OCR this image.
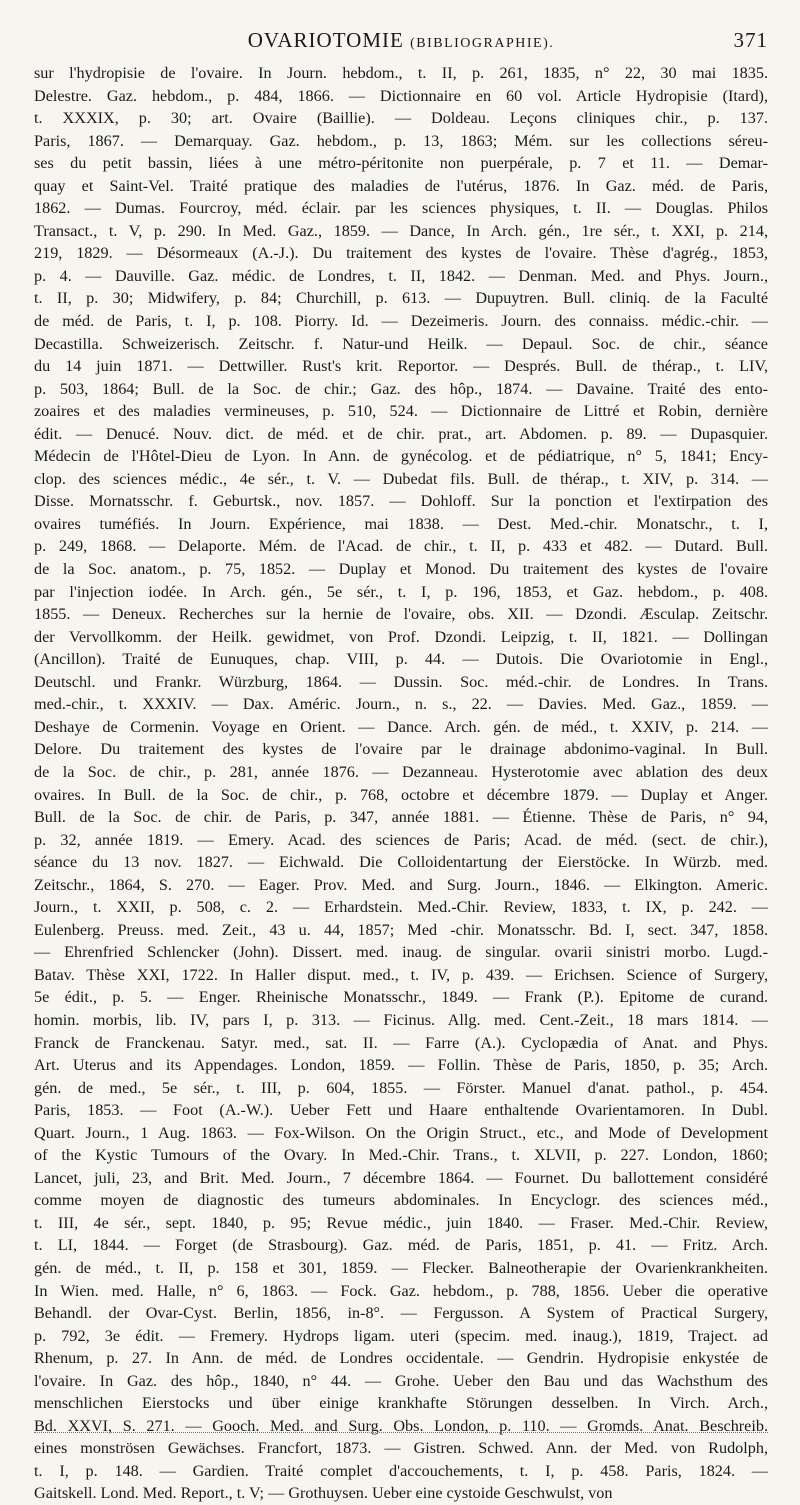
OVARIOTOMIE (BIBLIOGRAPHIE).	371
sur l'hydropisie de l'ovaire. In Journ. hebdom., t. II, p. 261, 1835, n° 22, 30 mai 1835.
Delestre. Gaz. hebdom., p. 484, 1866. — Dictionnaire en 60 vol. Article Hydropisie (Itard),
t. XXXIX, p. 30; art. Ovaire (Baillie). — Doldeau. Leçons cliniques chir., p. 137.
Paris, 1867. — Demarquay. Gaz. hebdom., p. 13, 1863; Mém. sur les collections séreu-
ses du petit bassin, liées à une métro-péritonite non puerpérale, p. 7 et 11. — Demar-
quay et Saint-Vel. Traité pratique des maladies de l'utérus, 1876. In Gaz. méd. de Paris,
1862. — Dumas. Fourcroy, méd. éclair. par les sciences physiques, t. II. — Douglas. Philos
Transact., t. V, p. 290. In Med. Gaz., 1859. — Dance, In Arch. gén., 1re sér., t. XXI, p. 214,
219, 1829. — Désormeaux (A.-J.). Du traitement des kystes de l'ovaire. Thèse d'agrég., 1853,
p. 4. — Dauville. Gaz. médic. de Londres, t. II, 1842. — Denman. Med. and Phys. Journ.,
t. II, p. 30; Midwifery, p. 84; Churchill, p. 613. — Dupuytren. Bull. cliniq. de la Faculté
de méd. de Paris, t. I, p. 108. Piorry. Id. — Dezeimeris. Journ. des connaiss. médic.-chir. —
Decastilla. Schweizerisch. Zeitschr. f. Natur-und Heilk. — Depaul. Soc. de chir., séance
du 14 juin 1871. — Dettwiller. Rust's krit. Reportor. — Després. Bull. de thérap., t. LIV,
p. 503, 1864; Bull. de la Soc. de chir.; Gaz. des hôp., 1874. — Davaine. Traité des ento-
zoaires et des maladies vermineuses, p. 510, 524. — Dictionnaire de Littré et Robin, dernière
édit. — Denucé. Nouv. dict. de méd. et de chir. prat., art. Abdomen. p. 89. — Dupasquier.
Médecin de l'Hôtel-Dieu de Lyon. In Ann. de gynécolog. et de pédiatrique, n° 5, 1841; Ency-
clop. des sciences médic., 4e sér., t. V. — Dubedat fils. Bull. de thérap., t. XIV, p. 314. —
Disse. Mornatsschr. f. Geburtsk., nov. 1857. — Dohloff. Sur la ponction et l'extirpation des
ovaires tuméfiés. In Journ. Expérience, mai 1838. — Dest. Med.-chir. Monatschr., t. I,
p. 249, 1868. — Delaporte. Mém. de l'Acad. de chir., t. II, p. 433 et 482. — Dutard. Bull.
de la Soc. anatom., p. 75, 1852. — Duplay et Monod. Du traitement des kystes de l'ovaire
par l'injection iodée. In Arch. gén., 5e sér., t. I, p. 196, 1853, et Gaz. hebdom., p. 408.
1855. — Deneux. Recherches sur la hernie de l'ovaire, obs. XII. — Dzondi. Æsculap. Zeitschr.
der Vervollkomm. der Heilk. gewidmet, von Prof. Dzondi. Leipzig, t. II, 1821. — Dollingan
(Ancillon). Traité de Eunuques, chap. VIII, p. 44. — Dutois. Die Ovariotomie in Engl.,
Deutschl. und Frankr. Würzburg, 1864. — Dussin. Soc. méd.-chir. de Londres. In Trans.
med.-chir., t. XXXIV. — Dax. Améric. Journ., n. s., 22. — Davies. Med. Gaz., 1859. —
Deshaye de Cormenin. Voyage en Orient. — Dance. Arch. gén. de méd., t. XXIV, p. 214. —
Delore. Du traitement des kystes de l'ovaire par le drainage abdonimo-vaginal. In Bull.
de la Soc. de chir., p. 281, année 1876. — Dezanneau. Hysterotomie avec ablation des deux
ovaires. In Bull. de la Soc. de chir., p. 768, octobre et décembre 1879. — Duplay et Anger.
Bull. de la Soc. de chir. de Paris, p. 347, année 1881. — Étienne. Thèse de Paris, n° 94,
p. 32, année 1819. — Emery. Acad. des sciences de Paris; Acad. de méd. (sect. de chir.),
séance du 13 nov. 1827. — Eichwald. Die Colloidentartung der Eierstöcke. In Würzb. med.
Zeitschr., 1864, S. 270. — Eager. Prov. Med. and Surg. Journ., 1846. — Elkington. Americ.
Journ., t. XXII, p. 508, c. 2. — Erhardstein. Med.-Chir. Review, 1833, t. IX, p. 242. —
Eulenberg. Preuss. med. Zeit., 43 u. 44, 1857; Med -chir. Monatsschr. Bd. I, sect. 347, 1858.
— Ehrenfried Schlencker (John). Dissert. med. inaug. de singular. ovarii sinistri morbo. Lugd.-
Batav. Thèse XXI, 1722. In Haller disput. med., t. IV, p. 439. — Erichsen. Science of Surgery,
5e édit., p. 5. — Enger. Rheinische Monatsschr., 1849. — Frank (P.). Epitome de curand.
homin. morbis, lib. IV, pars I, p. 313. — Ficinus. Allg. med. Cent.-Zeit., 18 mars 1814. —
Franck de Franckenau. Satyr. med., sat. II. — Farre (A.). Cyclopædia of Anat. and Phys.
Art. Uterus and its Appendages. London, 1859. — Follin. Thèse de Paris, 1850, p. 35; Arch.
gén. de med., 5e sér., t. III, p. 604, 1855. — Förster. Manuel d'anat. pathol., p. 454.
Paris, 1853. — Foot (A.-W.). Ueber Fett und Haare enthaltende Ovarientamoren. In Dubl.
Quart. Journ., 1 Aug. 1863. — Fox-Wilson. On the Origin Struct., etc., and Mode of Development
of the Kystic Tumours of the Ovary. In Med.-Chir. Trans., t. XLVII, p. 227. London, 1860;
Lancet, juli, 23, and Brit. Med. Journ., 7 décembre 1864. — Fournet. Du ballottement considéré
comme moyen de diagnostic des tumeurs abdominales. In Encyclogr. des sciences méd.,
t. III, 4e sér., sept. 1840, p. 95; Revue médic., juin 1840. — Fraser. Med.-Chir. Review,
t. LI, 1844. — Forget (de Strasbourg). Gaz. méd. de Paris, 1851, p. 41. — Fritz. Arch.
gén. de méd., t. II, p. 158 et 301, 1859. — Flecker. Balneotherapie der Ovarienkrankheiten.
In Wien. med. Halle, n° 6, 1863. — Fock. Gaz. hebdom., p. 788, 1856. Ueber die operative
Behandl. der Ovar-Cyst. Berlin, 1856, in-8°. — Fergusson. A System of Practical Surgery,
p. 792, 3e édit. — Fremery. Hydrops ligam. uteri (specim. med. inaug.), 1819, Traject. ad
Rhenum, p. 27. In Ann. de méd. de Londres occidentale. — Gendrin. Hydropisie enkystée de
l'ovaire. In Gaz. des hôp., 1840, n° 44. — Grohe. Ueber den Bau und das Wachsthum des
menschlichen Eierstocks und über einige krankhafte Störungen desselben. In Virch. Arch.,
Bd. XXVI, S. 271. — Gooch. Med. and Surg. Obs. London, p. 110. — Gromds. Anat. Beschreib.
eines monströsen Gewächses. Francfort, 1873. — Gistren. Schwed. Ann. der Med. von Rudolph,
t. I, p. 148. — Gardien. Traité complet d'accouchements, t. I, p. 458. Paris, 1824. —
Gaitskell. Lond. Med. Report., t. V; — Grothuysen. Ueber eine cystoide Geschwulst, von
